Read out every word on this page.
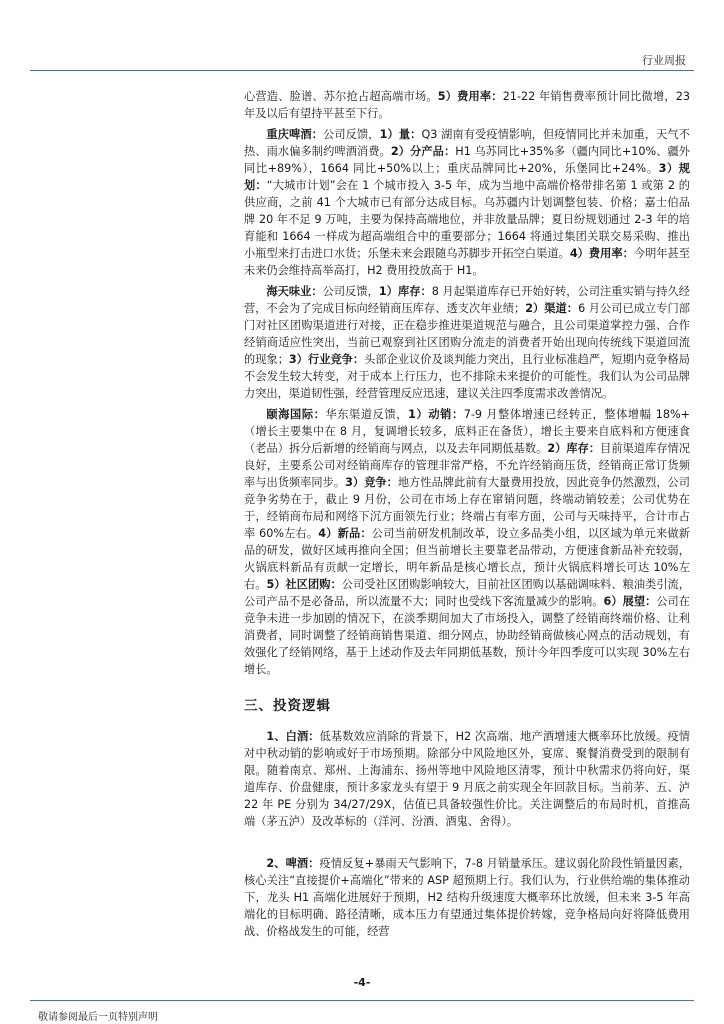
行业周报

心营造、脸谱、苏尔抢占超高端市场。5）费用率：21-22 年销售费率预计同比微增，23 年及以后有望持平甚至下行。

重庆啤酒：公司反馈，1）量：Q3 湖南有受疫情影响，但疫情同比并未加重，天气不热、雨水偏多制约啤酒消费。2）分产品：H1 乌苏同比+35%多（疆内同比+10%、疆外同比+89%），1664 同比+50%以上；重庆品牌同比+20%，乐堡同比+24%。3）规划：“大城市计划”会在 1 个城市投入 3-5 年，成为当地中高端价格带排名第 1 或第 2 的供应商，之前 41 个大城市已有部分达成目标。乌苏疆内计划调整包装、价格；嘉士伯品牌 20 年不足 9 万吨，主要为保持高端地位，并非放量品牌；夏日纷规划通过 2-3 年的培育能和 1664 一样成为超高端组合中的重要部分；1664 将通过集团关联交易采购、推出小瓶型来打击进口水货；乐堡未来会跟随乌苏脚步开拓空白渠道。4）费用率：今明年甚至未来仍会维持高举高打，H2 费用投放高于 H1。

海天味业：公司反馈，1）库存：8 月起渠道库存已开始好转，公司注重实销与持久经营，不会为了完成目标向经销商压库存、透支次年业绩；2）渠道：6 月公司已成立专门部门对社区团购渠道进行对接，正在稳步推进渠道规范与融合，且公司渠道掌控力强、合作经销商适应性突出，当前已观察到社区团购分流走的消费者开始出现向传统线下渠道回流的现象；3）行业竞争：头部企业议价及谈判能力突出，且行业标准趋严，短期内竞争格局不会发生较大转变，对于成本上行压力，也不排除未来提价的可能性。我们认为公司品牌力突出，渠道韧性强，经营管理反应迅速，建议关注四季度需求改善情况。

颐海国际：华东渠道反馈，1）动销：7-9 月整体增速已经转正，整体增幅 18%+（增长主要集中在 8 月，复调增长较多，底料正在备货），增长主要来自底料和方便速食（老品）拆分后新增的经销商与网点，以及去年同期低基数。2）库存：目前渠道库存情况良好，主要系公司对经销商库存的管理非常严格，不允许经销商压货，经销商正常订货频率与出货频率同步。3）竞争：地方性品牌此前有大量费用投放，因此竞争仍然激烈，公司竞争劣势在于，截止 9 月份，公司在市场上存在窜销问题，终端动销较差；公司优势在于，经销商布局和网络下沉方面领先行业；终端占有率方面，公司与天味持平，合计市占率 60%左右。4）新品：公司当前研发机制改革，设立多品类小组，以区域为单元来做新品的研发，做好区域再推向全国；但当前增长主要靠老品带动，方便速食新品补充较弱，火锅底料新品有贡献一定增长，明年新品是核心增长点，预计火锅底料增长可达 10%左右。5）社区团购：公司受社区团购影响较大，目前社区团购以基础调味料、粮油类引流，公司产品不是必备品，所以流量不大；同时也受线下客流量减少的影响。6）展望：公司在竞争未进一步加剧的情况下，在淡季期间加大了市场投入，调整了经销商终端价格、让利消费者，同时调整了经销商销售渠道、细分网点，协助经销商做核心网点的活动规划，有效强化了经销网络，基于上述动作及去年同期低基数，预计今年四季度可以实现 30%左右增长。

三、投资逻辑

1、白酒：低基数效应消除的背景下，H2 次高端、地产酒增速大概率环比放缓。疫情对中秋动销的影响或好于市场预期。除部分中风险地区外，宴席、聚餐消费受到的限制有限。随着南京、郑州、上海浦东、扬州等地中风险地区清零，预计中秋需求仍将向好，渠道库存、价盘健康，预计多家龙头有望于 9 月底之前实现全年回款目标。当前茅、五、泸 22 年 PE 分别为 34/27/29X，估值已具备较强性价比。关注调整后的布局时机，首推高端（茅五泸）及改革标的（洋河、汾酒、酒鬼、舍得）。

2、啤酒：疫情反复+暴雨天气影响下，7-8 月销量承压。建议弱化阶段性销量因素，核心关注“直接提价+高端化”带来的 ASP 超预期上行。我们认为，行业供给端的集体推动下，龙头 H1 高端化进展好于预期，H2 结构升级速度大概率环比放缓，但未来 3-5 年高端化的目标明确、路径清晰，成本压力有望通过集体提价转嫁，竞争格局向好将降低费用战、价格战发生的可能，经营

-4-
敬请参阅最后一页特别声明
